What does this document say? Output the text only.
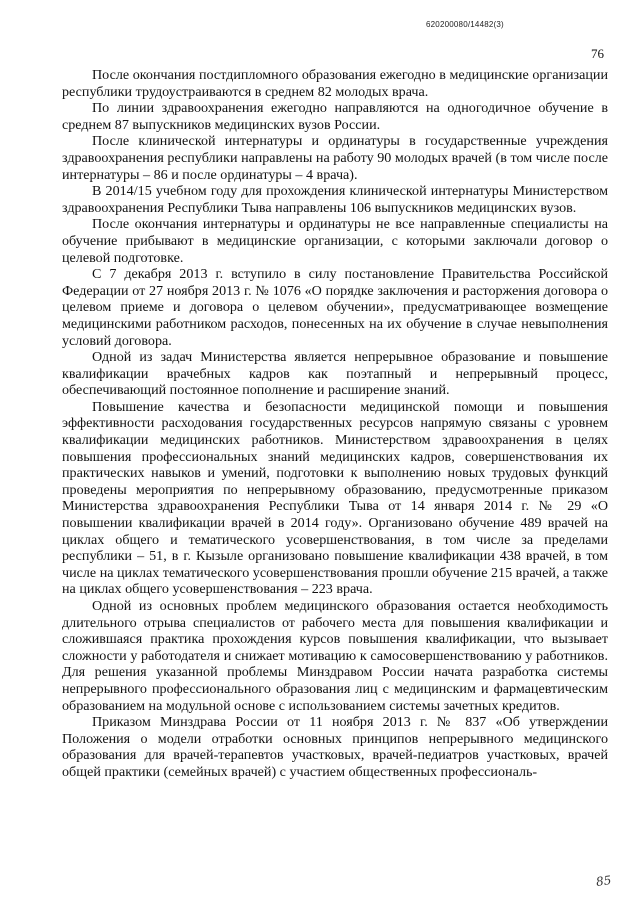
620200080/14482(3)
76

После окончания постдипломного образования ежегодно в медицинские организации республики трудоустраиваются в среднем 82 молодых врача.

По линии здравоохранения ежегодно направляются на одногодичное обучение в среднем 87 выпускников медицинских вузов России.

После клинической интернатуры и ординатуры в государственные учреждения здравоохранения республики направлены на работу 90 молодых врачей (в том числе после интернатуры – 86 и после ординатуры – 4 врача).

В 2014/15 учебном году для прохождения клинической интернатуры Министерством здравоохранения Республики Тыва направлены 106 выпускников медицинских вузов.

После окончания интернатуры и ординатуры не все направленные специалисты на обучение прибывают в медицинские организации, с которыми заключали договор о целевой подготовке.

С 7 декабря 2013 г. вступило в силу постановление Правительства Российской Федерации от 27 ноября 2013 г. № 1076 «О порядке заключения и расторжения договора о целевом приеме и договора о целевом обучении», предусматривающее возмещение медицинскими работником расходов, понесенных на их обучение в случае невыполнения условий договора.

Одной из задач Министерства является непрерывное образование и повышение квалификации врачебных кадров как поэтапный и непрерывный процесс, обеспечивающий постоянное пополнение и расширение знаний.

Повышение качества и безопасности медицинской помощи и повышения эффективности расходования государственных ресурсов напрямую связаны с уровнем квалификации медицинских работников. Министерством здравоохранения в целях повышения профессиональных знаний медицинских кадров, совершенствования их практических навыков и умений, подготовки к выполнению новых трудовых функций проведены мероприятия по непрерывному образованию, предусмотренные приказом Министерства здравоохранения Республики Тыва от 14 января 2014 г. № 29 «О повышении квалификации врачей в 2014 году». Организовано обучение 489 врачей на циклах общего и тематического усовершенствования, в том числе за пределами республики – 51, в г. Кызыле организовано повышение квалификации 438 врачей, в том числе на циклах тематического усовершенствования прошли обучение 215 врачей, а также на циклах общего усовершенствования – 223 врача.

Одной из основных проблем медицинского образования остается необходимость длительного отрыва специалистов от рабочего места для повышения квалификации и сложившаяся практика прохождения курсов повышения квалификации, что вызывает сложности у работодателя и снижает мотивацию к самосовершенствованию у работников. Для решения указанной проблемы Минздравом России начата разработка системы непрерывного профессионального образования лиц с медицинским и фармацевтическим образованием на модульной основе с использованием системы зачетных кредитов.

Приказом Минздрава России от 11 ноября 2013 г. № 837 «Об утверждении Положения о модели отработки основных принципов непрерывного медицинского образования для врачей-терапевтов участковых, врачей-педиатров участковых, врачей общей практики (семейных врачей) с участием общественных профессиональ-

85
